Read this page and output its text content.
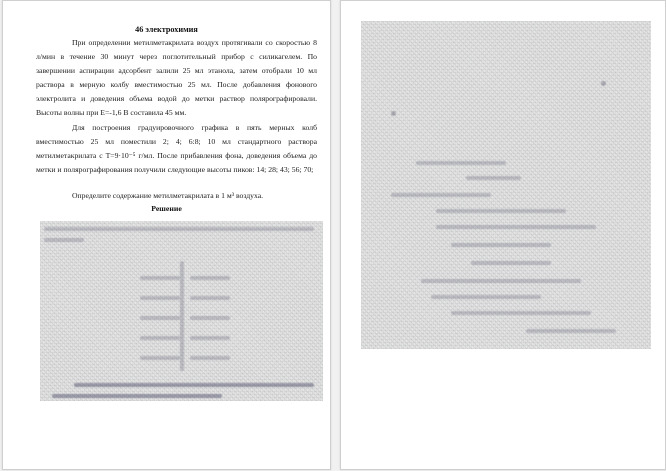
46 электрохимия

При определении метилметакрилата воздух протягивали со скоростью 8 л/мин в течение 30 минут через поглотительный прибор с силикагелем. По завершении аспирации адсорбент залили 25 мл этанола, затем отобрали 10 мл раствора в мерную колбу вместимостью 25 мл. После добавления фонового электролита и доведения объема водой до метки раствор полярографировали. Высоты волны при E=-1,6 В составила 45 мм.

Для построения градуировочного графика в пять мерных колб вместимостью 25 мл поместили 2; 4; 6:8; 10 мл стандартного раствора метилметакрилата с T=9·10⁻⁵ г/мл. После прибавления фона, доведения объема до метки и полярографирования получили следующие высоты пиков: 14; 28; 43; 56; 70;

Определите содержание метилметакрилата в 1 м³ воздуха.

Решение
